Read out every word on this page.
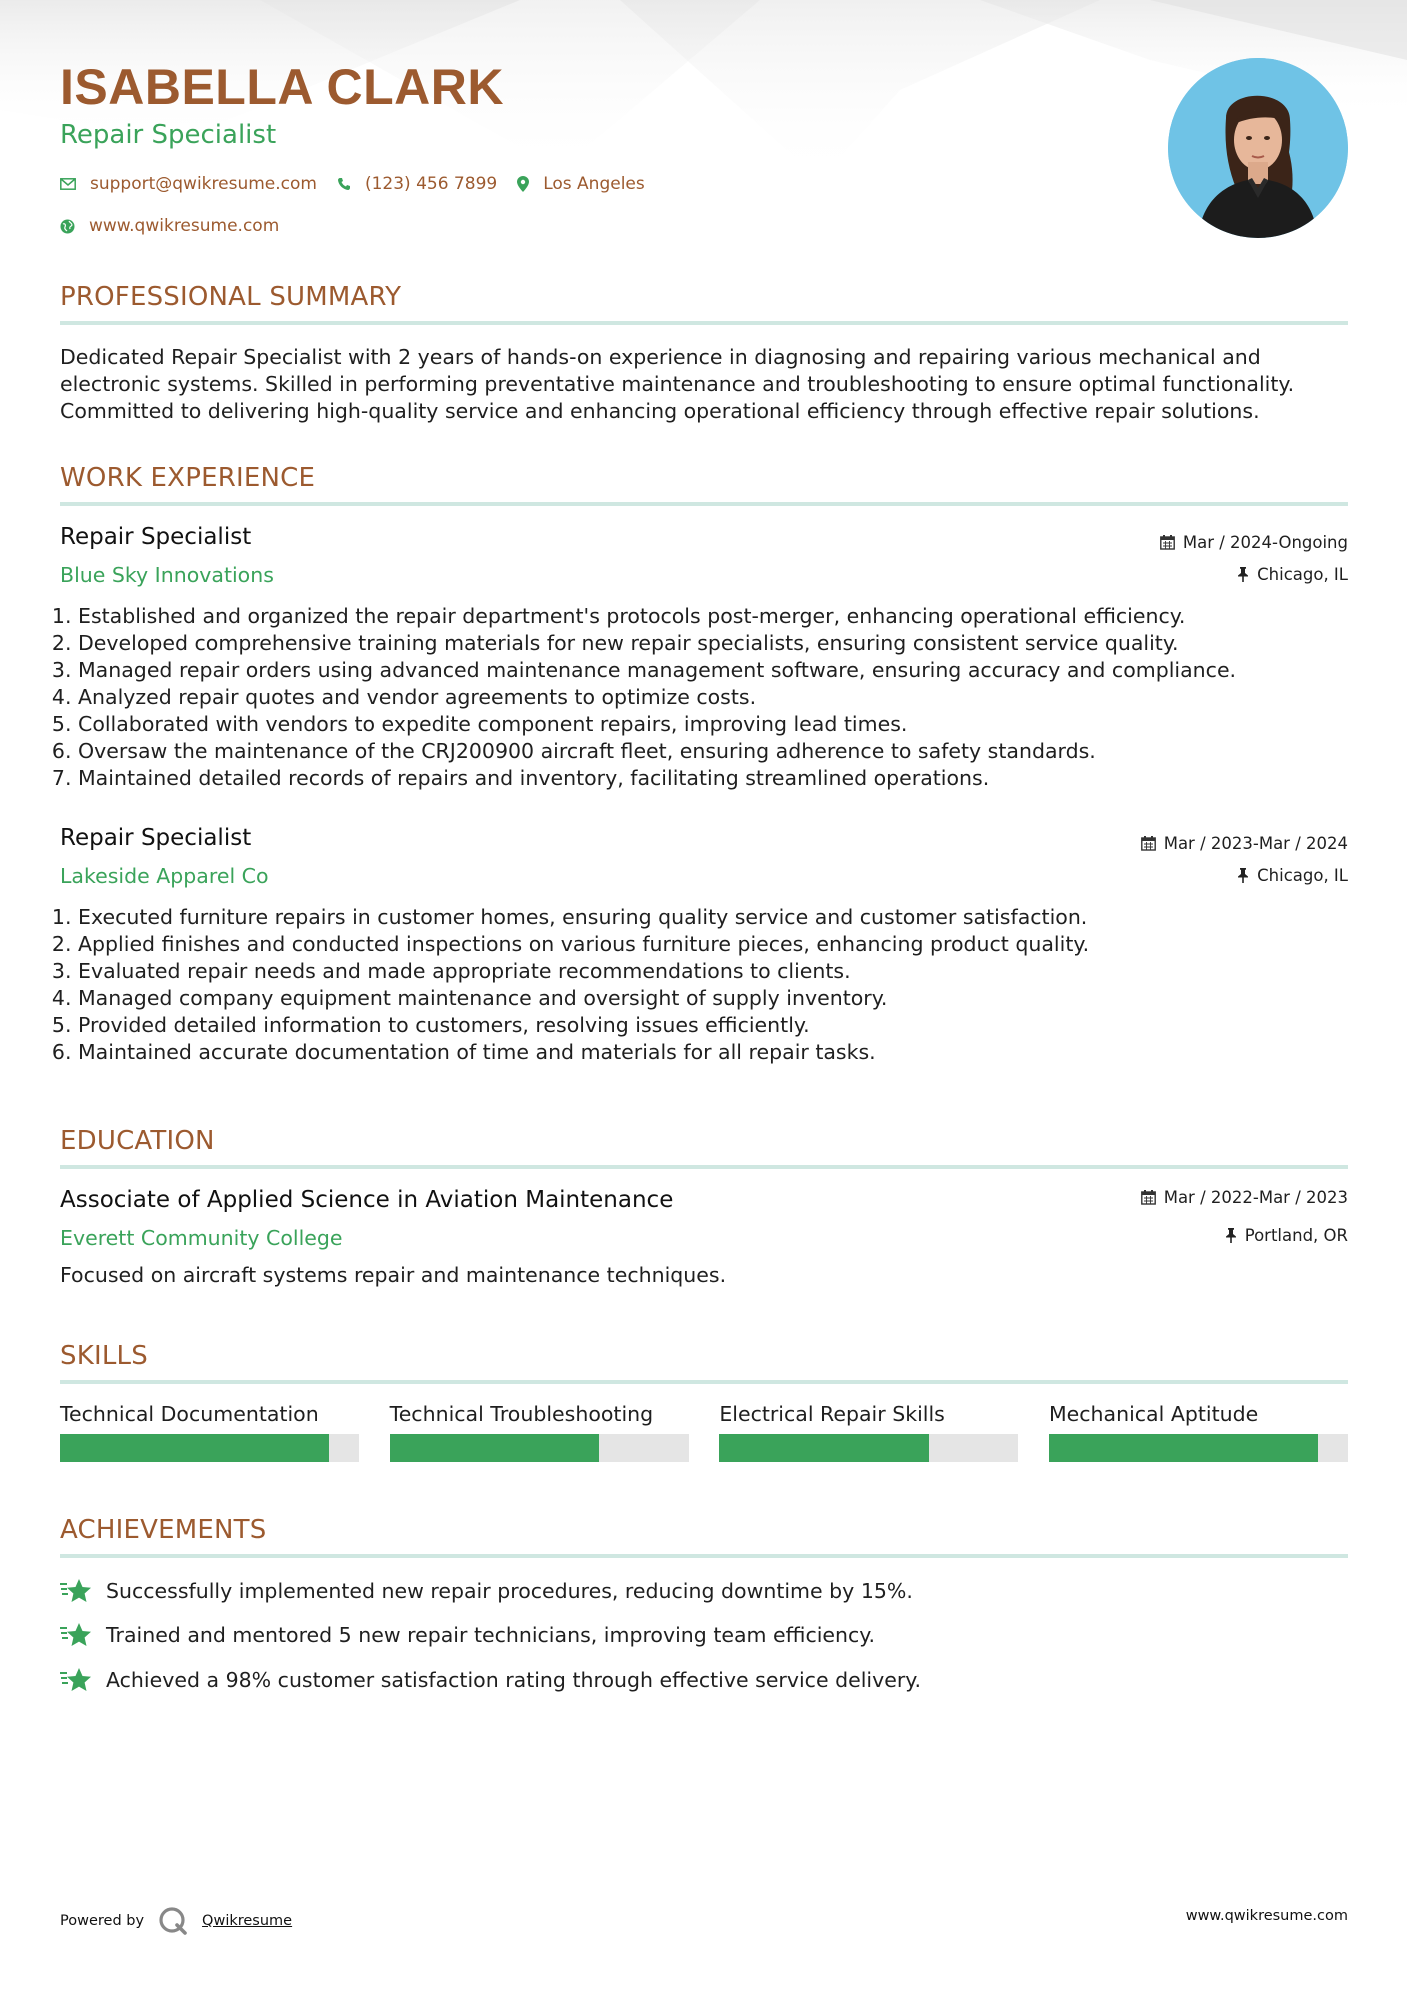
ISABELLA CLARK
Repair Specialist
support@qwikresume.com	(123) 456 7899	Los Angeles
www.qwikresume.com
PROFESSIONAL SUMMARY
Dedicated Repair Specialist with 2 years of hands-on experience in diagnosing and repairing various mechanical and electronic systems. Skilled in performing preventative maintenance and troubleshooting to ensure optimal functionality. Committed to delivering high-quality service and enhancing operational efficiency through effective repair solutions.
WORK EXPERIENCE
Repair Specialist	Mar / 2024-Ongoing
Blue Sky Innovations	Chicago, IL
1. Established and organized the repair department's protocols post-merger, enhancing operational efficiency.
2. Developed comprehensive training materials for new repair specialists, ensuring consistent service quality.
3. Managed repair orders using advanced maintenance management software, ensuring accuracy and compliance.
4. Analyzed repair quotes and vendor agreements to optimize costs.
5. Collaborated with vendors to expedite component repairs, improving lead times.
6. Oversaw the maintenance of the CRJ200900 aircraft fleet, ensuring adherence to safety standards.
7. Maintained detailed records of repairs and inventory, facilitating streamlined operations.
Repair Specialist	Mar / 2023-Mar / 2024
Lakeside Apparel Co	Chicago, IL
1. Executed furniture repairs in customer homes, ensuring quality service and customer satisfaction.
2. Applied finishes and conducted inspections on various furniture pieces, enhancing product quality.
3. Evaluated repair needs and made appropriate recommendations to clients.
4. Managed company equipment maintenance and oversight of supply inventory.
5. Provided detailed information to customers, resolving issues efficiently.
6. Maintained accurate documentation of time and materials for all repair tasks.
EDUCATION
Associate of Applied Science in Aviation Maintenance	Mar / 2022-Mar / 2023
Everett Community College	Portland, OR
Focused on aircraft systems repair and maintenance techniques.
SKILLS
Technical Documentation	Technical Troubleshooting	Electrical Repair Skills	Mechanical Aptitude
ACHIEVEMENTS
Successfully implemented new repair procedures, reducing downtime by 15%.
Trained and mentored 5 new repair technicians, improving team efficiency.
Achieved a 98% customer satisfaction rating through effective service delivery.
Powered by	Qwikresume	www.qwikresume.com
